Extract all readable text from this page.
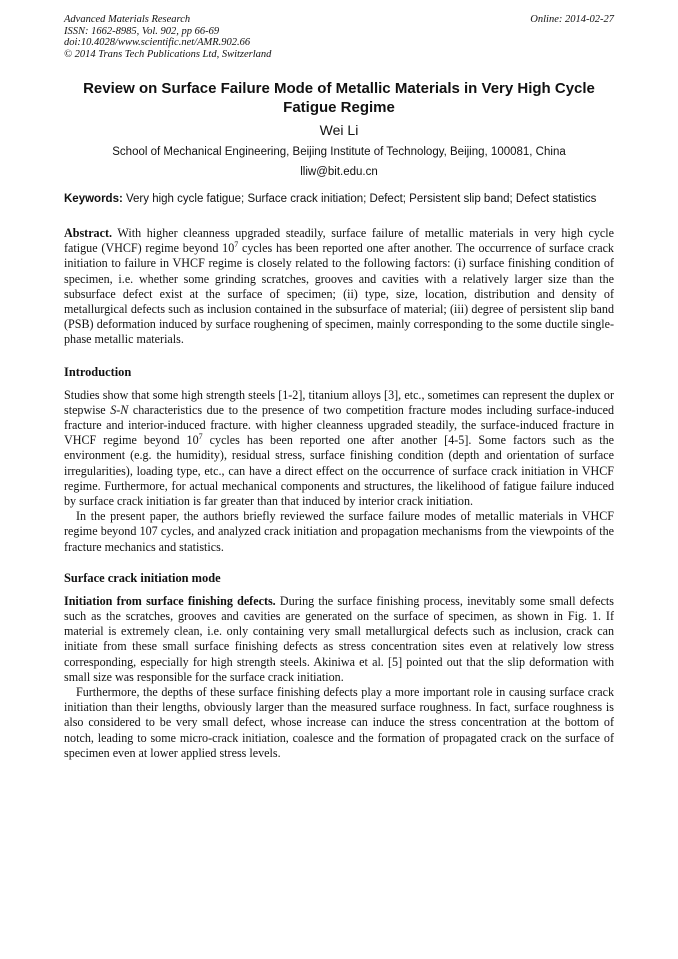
Advanced Materials Research
ISSN: 1662-8985, Vol. 902, pp 66-69
doi:10.4028/www.scientific.net/AMR.902.66
© 2014 Trans Tech Publications Ltd, Switzerland
Online: 2014-02-27
Review on Surface Failure Mode of Metallic Materials in Very High Cycle Fatigue Regime
Wei Li
School of Mechanical Engineering, Beijing Institute of Technology, Beijing, 100081, China
lliw@bit.edu.cn
Keywords: Very high cycle fatigue; Surface crack initiation; Defect; Persistent slip band; Defect statistics

Abstract. With higher cleanness upgraded steadily, surface failure of metallic materials in very high cycle fatigue (VHCF) regime beyond $10^7$ cycles has been reported one after another. The occurrence of surface crack initiation to failure in VHCF regime is closely related to the following factors: (i) surface finishing condition of specimen, i.e. whether some grinding scratches, grooves and cavities with a relatively larger size than the subsurface defect exist at the surface of specimen; (ii) type, size, location, distribution and density of metallurgical defects such as inclusion contained in the subsurface of material; (iii) degree of persistent slip band (PSB) deformation induced by surface roughening of specimen, mainly corresponding to the some ductile single-phase metallic materials.

Introduction

Studies show that some high strength steels [1-2], titanium alloys [3], etc., sometimes can represent the duplex or stepwise S-N characteristics due to the presence of two competition fracture modes including surface-induced fracture and interior-induced fracture. with higher cleanness upgraded steadily, the surface-induced fracture in VHCF regime beyond $10^7$ cycles has been reported one after another [4-5]. Some factors such as the environment (e.g. the humidity), residual stress, surface finishing condition (depth and orientation of surface irregularities), loading type, etc., can have a direct effect on the occurrence of surface crack initiation in VHCF regime. Furthermore, for actual mechanical components and structures, the likelihood of fatigue failure induced by surface crack initiation is far greater than that induced by interior crack initiation.

In the present paper, the authors briefly reviewed the surface failure modes of metallic materials in VHCF regime beyond 107 cycles, and analyzed crack initiation and propagation mechanisms from the viewpoints of the fracture mechanics and statistics.

Surface crack initiation mode

Initiation from surface finishing defects. During the surface finishing process, inevitably some small defects such as the scratches, grooves and cavities are generated on the surface of specimen, as shown in Fig. 1. If material is extremely clean, i.e. only containing very small metallurgical defects such as inclusion, crack can initiate from these small surface finishing defects as stress concentration sites even at relatively low stress corresponding, especially for high strength steels. Akiniwa et al. [5] pointed out that the slip deformation with small size was responsible for the surface crack initiation.

Furthermore, the depths of these surface finishing defects play a more important role in causing surface crack initiation than their lengths, obviously larger than the measured surface roughness. In fact, surface roughness is also considered to be very small defect, whose increase can induce the stress concentration at the bottom of notch, leading to some micro-crack initiation, coalesce and the formation of propagated crack on the surface of specimen even at lower applied stress levels.
